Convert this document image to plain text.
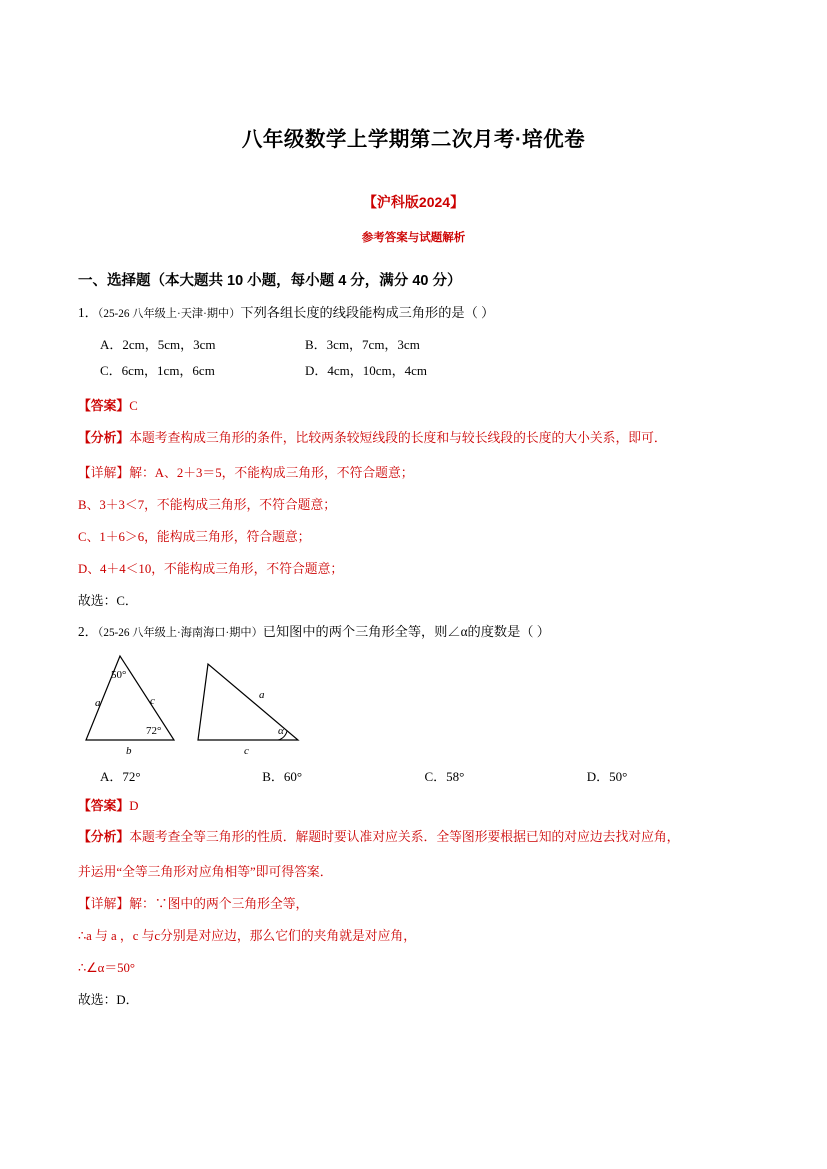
八年级数学上学期第二次月考·培优卷
【沪科版2024】
参考答案与试题解析
一、选择题（本大题共 10 小题，每小题 4 分，满分 40 分）
1．（25-26 八年级上·天津·期中）下列各组长度的线段能构成三角形的是（ ）
A．2cm，5cm，3cm	B．3cm，7cm，3cm
C．6cm，1cm，6cm	D．4cm，10cm，4cm
【答案】C
【分析】本题考查构成三角形的条件，比较两条较短线段的长度和与较长线段的长度的大小关系，即可．
【详解】解：A、2＋3＝5，不能构成三角形，不符合题意；
B、3＋3＜7，不能构成三角形，不符合题意；
C、1＋6＞6，能构成三角形，符合题意；
D、4＋4＜10，不能构成三角形，不符合题意；
故选：C．
2．（25-26 八年级上·海南海口·期中）已知图中的两个三角形全等，则∠α的度数是（ ）
50°
72°
a	c
b
a
c
α
A．72°	B．60°	C．58°	D．50°
【答案】D
【分析】本题考查全等三角形的性质．解题时要认准对应关系．全等图形要根据已知的对应边去找对应角，
并运用“全等三角形对应角相等”即可得答案．
【详解】解：∵图中的两个三角形全等，
∴a 与 a ，c 与c分别是对应边，那么它们的夹角就是对应角，
∴∠α＝50°
故选：D．
